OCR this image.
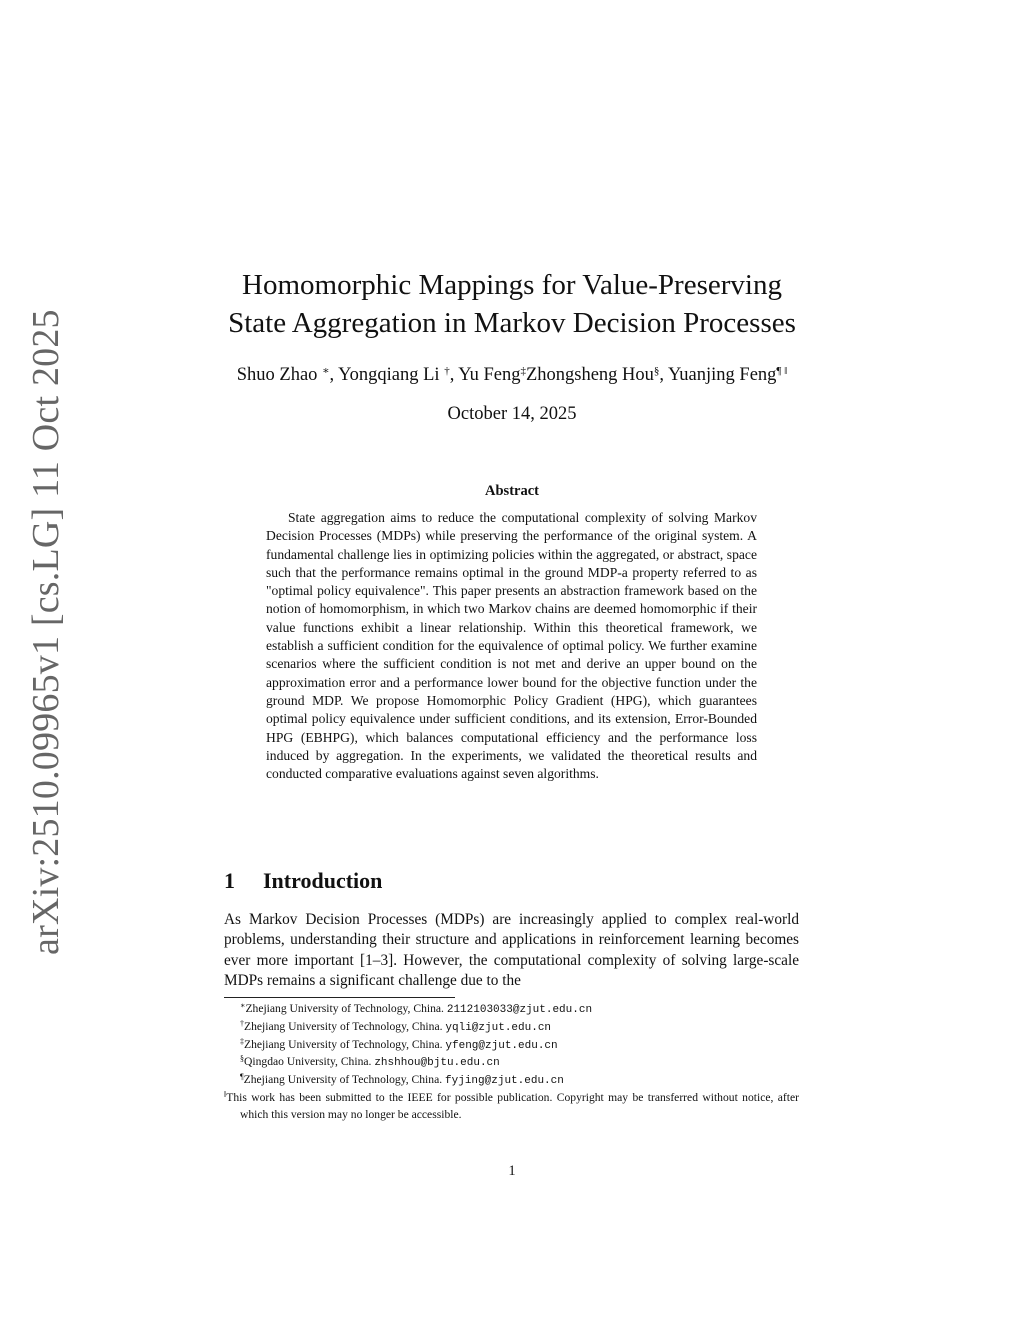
arXiv:2510.09965v1 [cs.LG] 11 Oct 2025
Homomorphic Mappings for Value-Preserving
State Aggregation in Markov Decision Processes
Shuo Zhao ∗, Yongqiang Li †, Yu Feng‡Zhongsheng Hou§, Yuanjing Feng¶ ‖
October 14, 2025
Abstract
State aggregation aims to reduce the computational complexity of solving Markov Decision Processes (MDPs) while preserving the performance of the original system. A fundamental challenge lies in optimizing policies within the aggregated, or abstract, space such that the performance remains optimal in the ground MDP-a property referred to as "optimal policy equivalence". This paper presents an abstraction framework based on the notion of homomorphism, in which two Markov chains are deemed homomorphic if their value functions exhibit a linear relationship. Within this theoretical framework, we establish a sufficient condition for the equivalence of optimal policy. We further examine scenarios where the sufficient condition is not met and derive an upper bound on the approximation error and a performance lower bound for the objective function under the ground MDP. We propose Homomorphic Policy Gradient (HPG), which guarantees optimal policy equivalence under sufficient conditions, and its extension, Error-Bounded HPG (EBHPG), which balances computational efficiency and the performance loss induced by aggregation. In the experiments, we validated the theoretical results and conducted comparative evaluations against seven algorithms.
1 Introduction
As Markov Decision Processes (MDPs) are increasingly applied to complex real-world problems, understanding their structure and applications in reinforcement learning becomes ever more important [1–3]. However, the computational complexity of solving large-scale MDPs remains a significant challenge due to the
∗Zhejiang University of Technology, China. 2112103033@zjut.edu.cn
†Zhejiang University of Technology, China. yqli@zjut.edu.cn
‡Zhejiang University of Technology, China. yfeng@zjut.edu.cn
§Qingdao University, China. zhshhou@bjtu.edu.cn
¶Zhejiang University of Technology, China. fyjing@zjut.edu.cn
‖This work has been submitted to the IEEE for possible publication. Copyright may be transferred without notice, after which this version may no longer be accessible.
1
